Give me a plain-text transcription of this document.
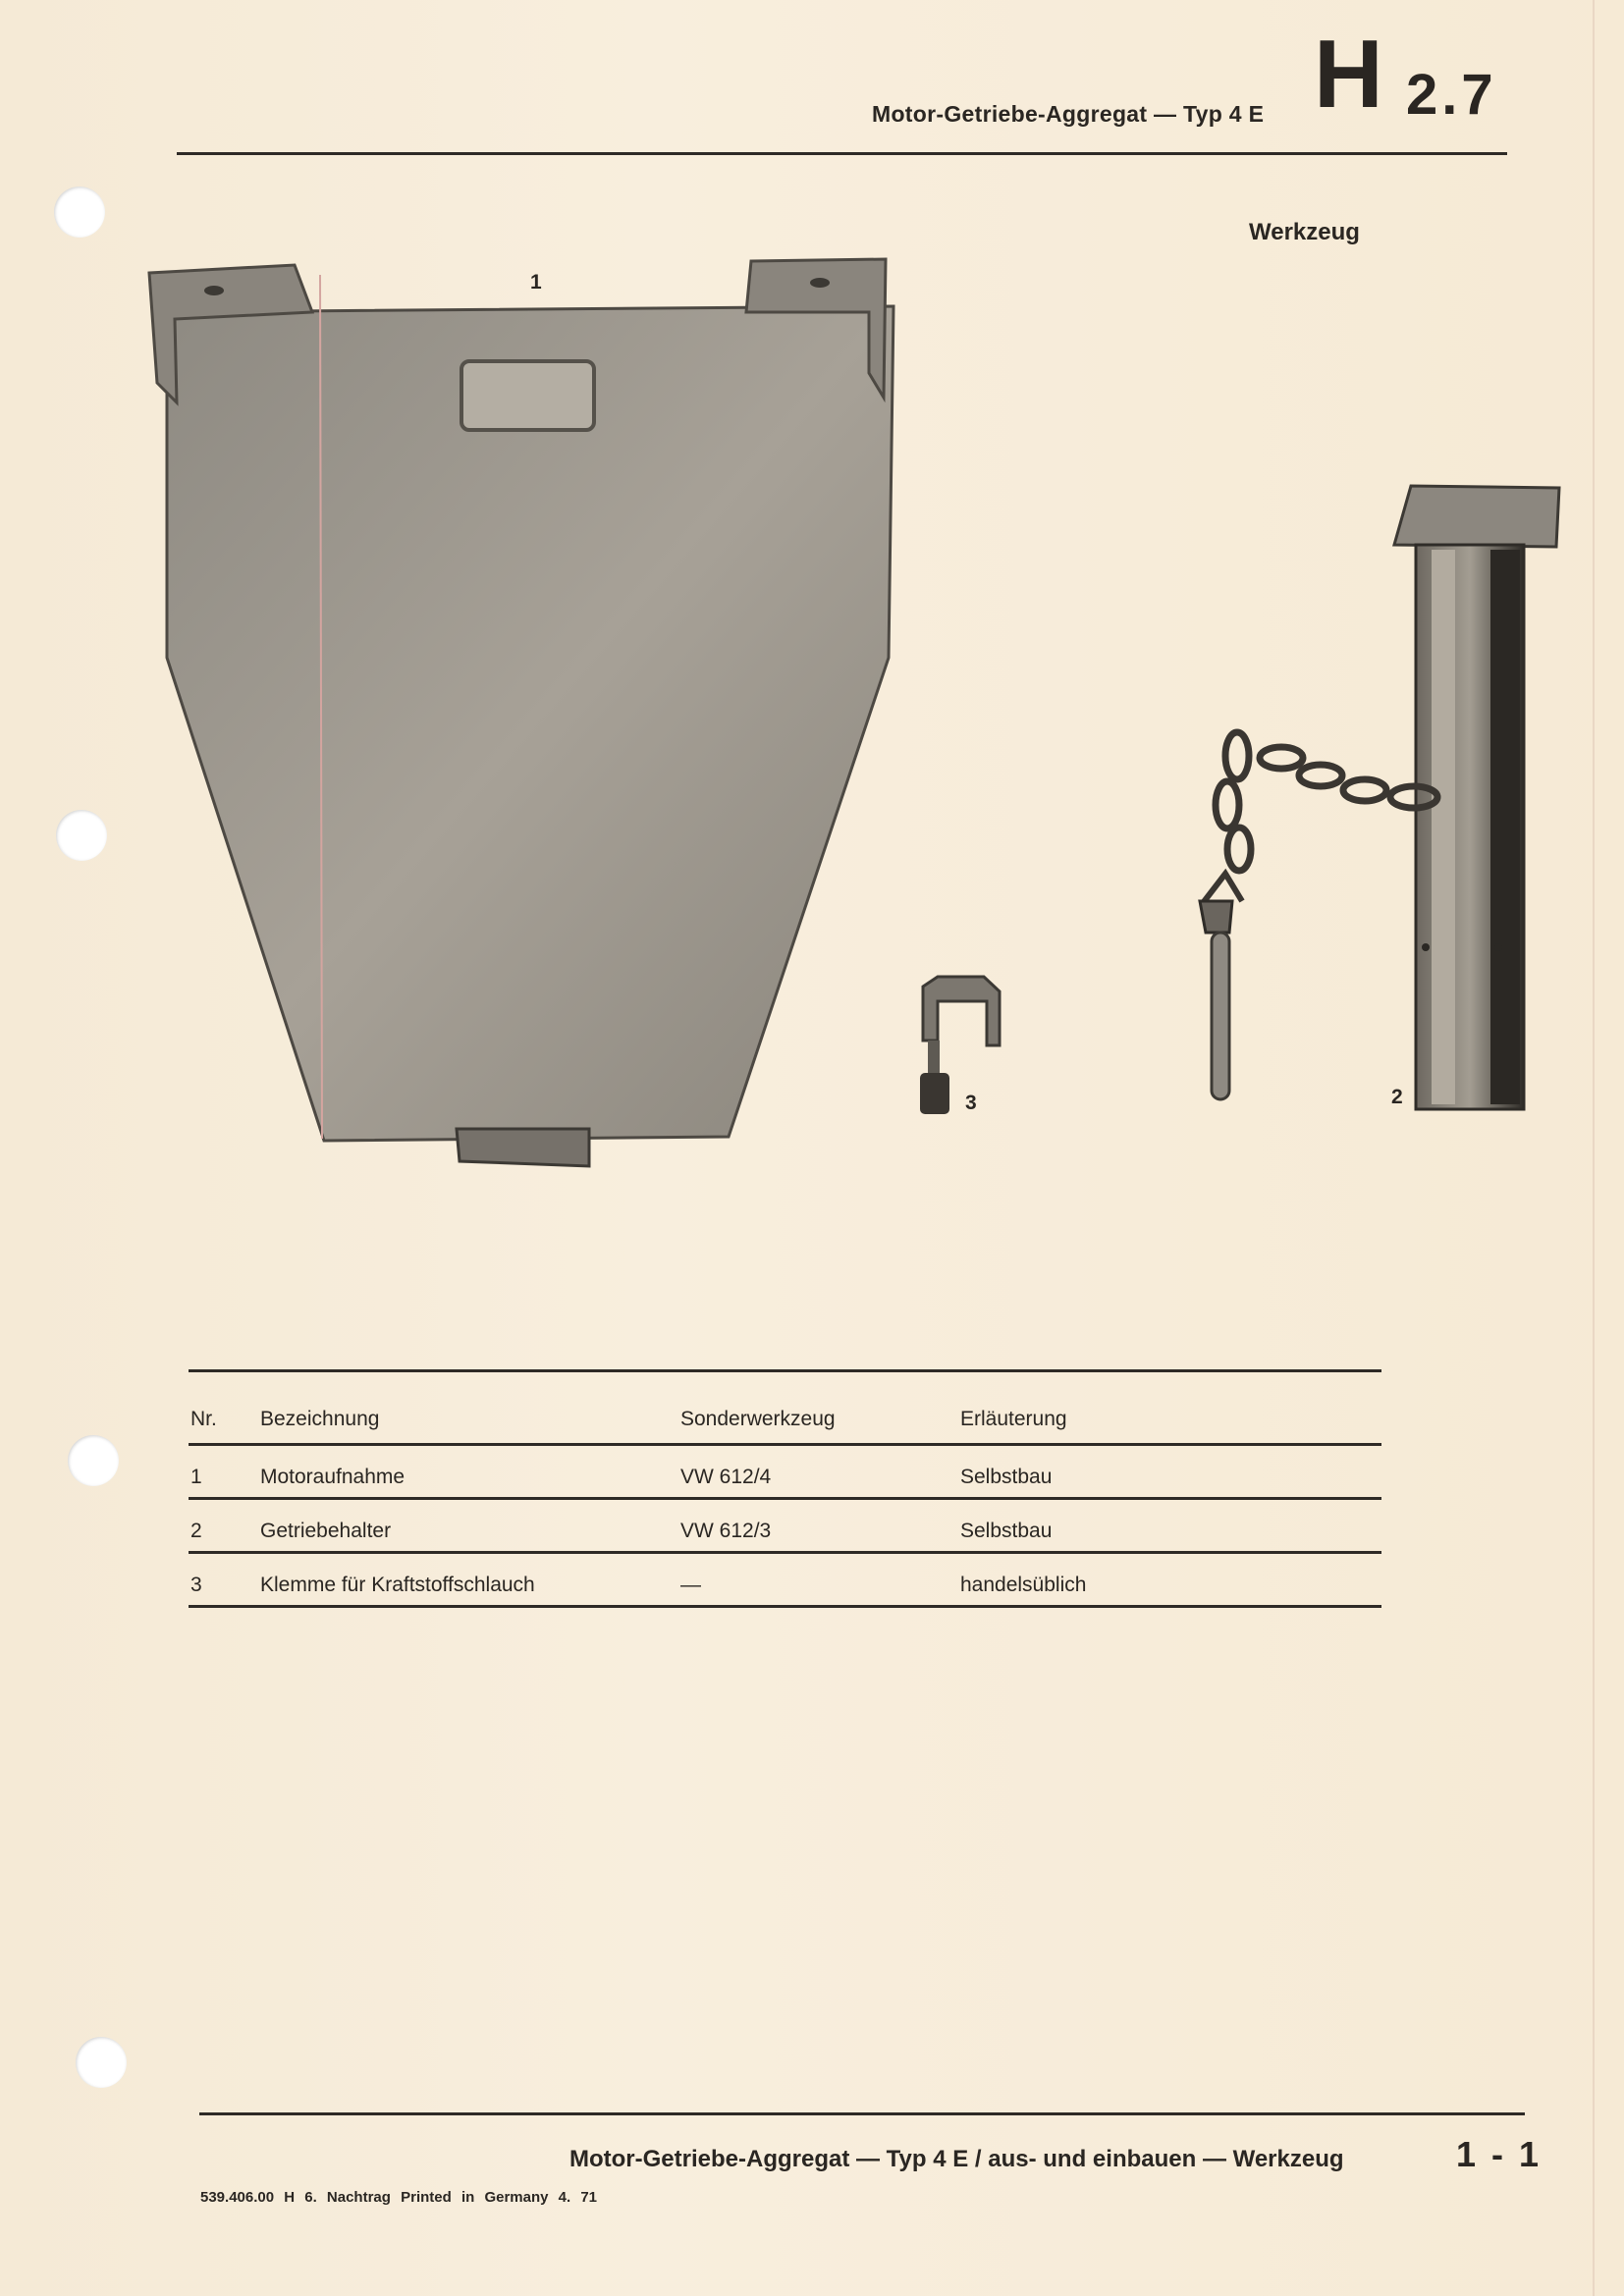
Motor-Getriebe-Aggregat — Typ 4 E H 2.7
Werkzeug
1
2
3
Nr. Bezeichnung	Sonderwerkzeug	Erläuterung
1	Motoraufnahme	VW 612/4	Selbstbau
2	Getriebehalter	VW 612/3	Selbstbau
3	Klemme für Kraftstoffschlauch	—	handelsüblich
Motor-Getriebe-Aggregat — Typ 4 E / aus- und einbauen — Werkzeug	1 - 1
539.406.00 H 6. Nachtrag Printed in Germany 4. 71
